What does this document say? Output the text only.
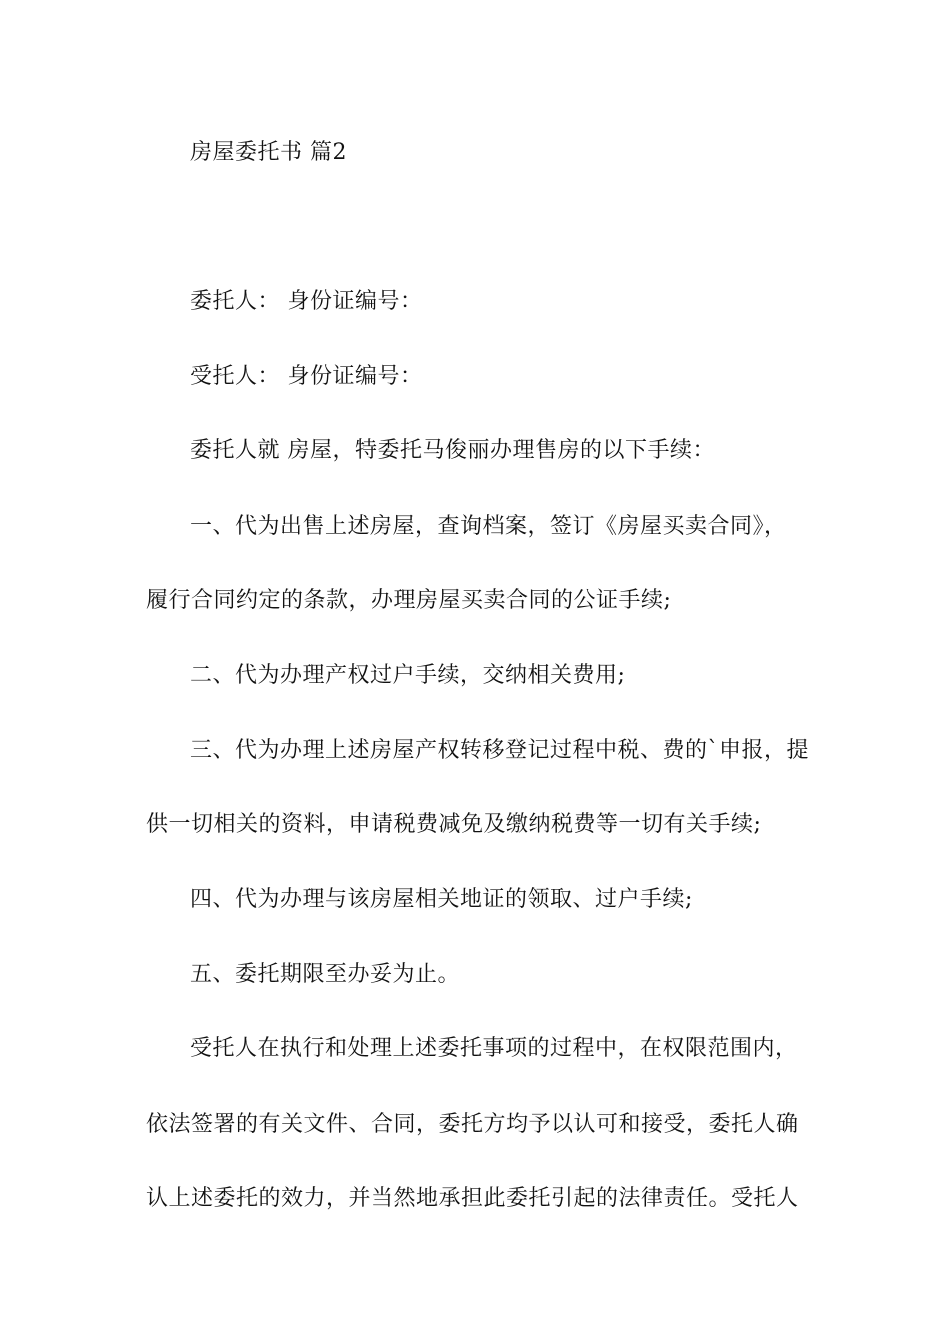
房屋委托书 篇2
委托人： 身份证编号：
受托人： 身份证编号：
委托人就 房屋，特委托马俊丽办理售房的以下手续：
一、代为出售上述房屋，查询档案，签订《房屋买卖合同》，
履行合同约定的条款，办理房屋买卖合同的公证手续;
二、代为办理产权过户手续，交纳相关费用;
三、代为办理上述房屋产权转移登记过程中税、费的`申报，提
供一切相关的资料，申请税费减免及缴纳税费等一切有关手续;
四、代为办理与该房屋相关地证的领取、过户手续;
五、委托期限至办妥为止。
受托人在执行和处理上述委托事项的过程中，在权限范围内，
依法签署的有关文件、合同，委托方均予以认可和接受，委托人确
认上述委托的效力，并当然地承担此委托引起的法律责任。受托人
